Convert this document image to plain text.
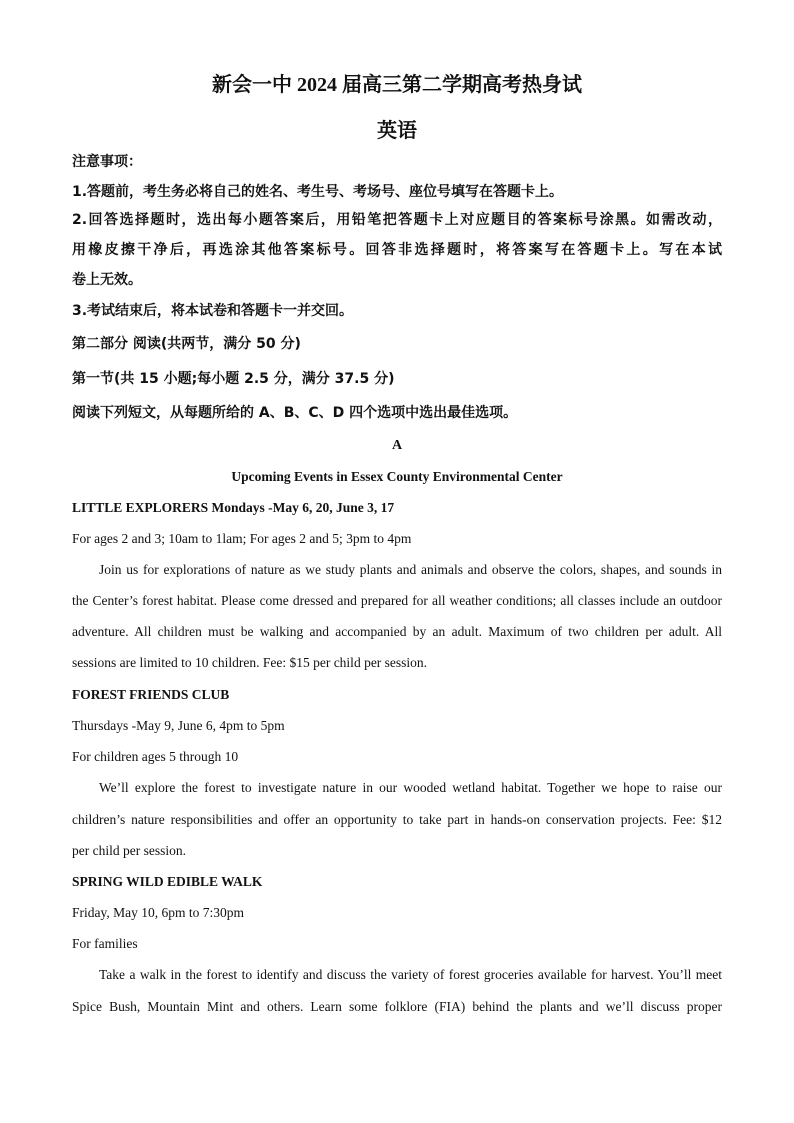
新会一中 2024 届高三第二学期高考热身试
英语
注意事项：
1.答题前，考生务必将自己的姓名、考生号、考场号、座位号填写在答题卡上。
2.回答选择题时，选出每小题答案后，用铅笔把答题卡上对应题目的答案标号涂黑。如需改动，
用橡皮擦干净后，再选涂其他答案标号。回答非选择题时，将答案写在答题卡上。写在本试
卷上无效。
3.考试结束后，将本试卷和答题卡一并交回。
第二部分 阅读(共两节，满分 50 分)
第一节(共 15 小题;每小题 2.5 分，满分 37.5 分)
阅读下列短文，从每题所给的 A、B、C、D 四个选项中选出最佳选项。
A
Upcoming Events in Essex County Environmental Center
LITTLE EXPLORERS Mondays -May 6, 20, June 3, 17
For ages 2 and 3; 10am to 1lam; For ages 2 and 5; 3pm to 4pm
Join us for explorations of nature as we study plants and animals and observe the colors, shapes, and sounds in
the Center’s forest habitat. Please come dressed and prepared for all weather conditions; all classes include an outdoor
adventure. All children must be walking and accompanied by an adult. Maximum of two children per adult. All
sessions are limited to 10 children. Fee: $15 per child per session.
FOREST FRIENDS CLUB
Thursdays -May 9, June 6, 4pm to 5pm
For children ages 5 through 10
We’ll explore the forest to investigate nature in our wooded wetland habitat. Together we hope to raise our
children’s nature responsibilities and offer an opportunity to take part in hands-on conservation projects. Fee: $12
per child per session.
SPRING WILD EDIBLE WALK
Friday, May 10, 6pm to 7:30pm
For families
Take a walk in the forest to identify and discuss the variety of forest groceries available for harvest. You’ll meet
Spice Bush, Mountain Mint and others. Learn some folklore (FIA) behind the plants and we’ll discuss proper
